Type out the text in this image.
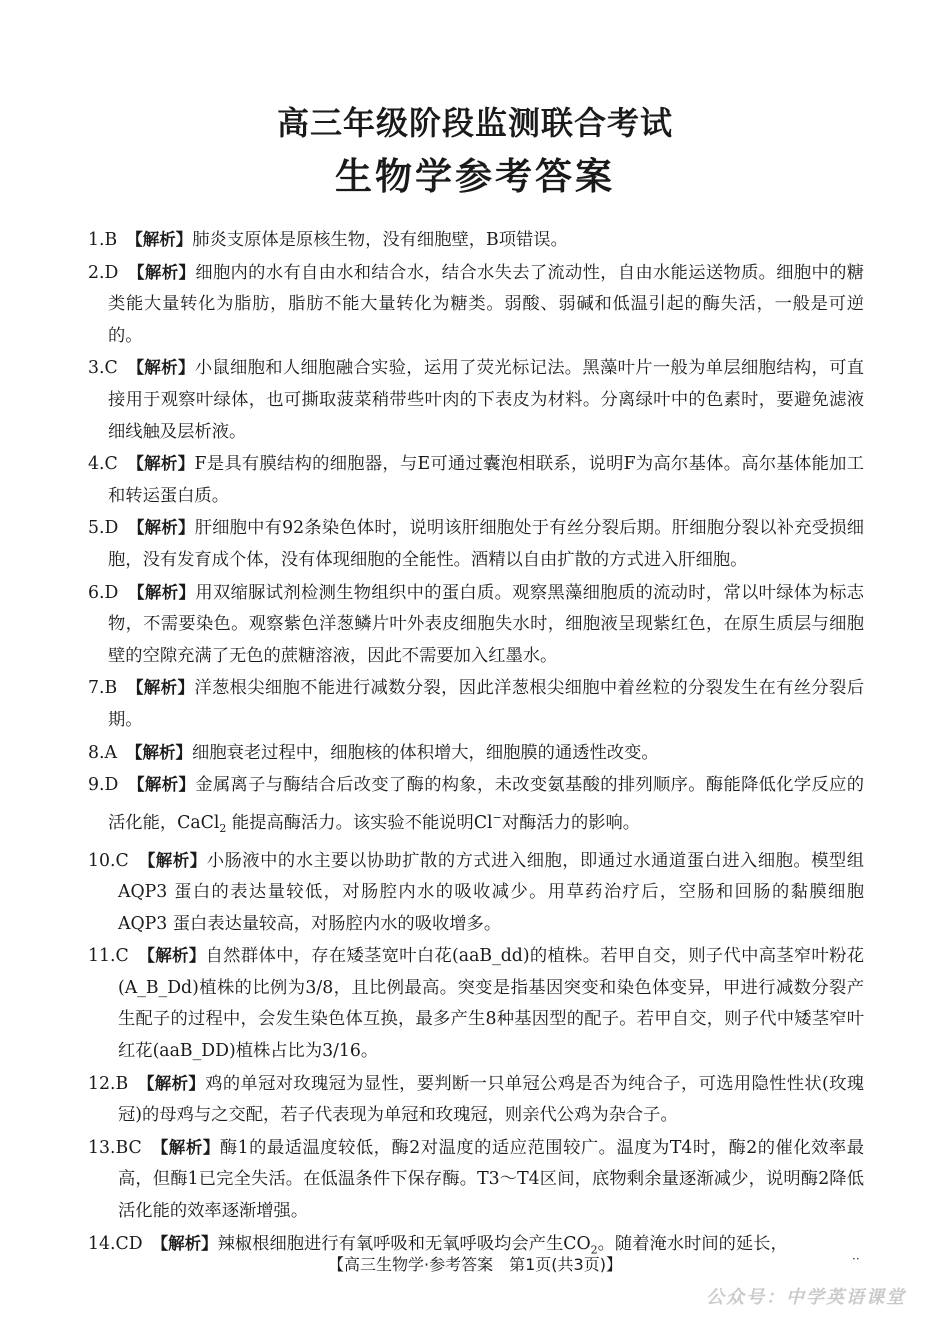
高三年级阶段监测联合考试
生物学参考答案

1.B　 【解析】肺炎支原体是原核生物，没有细胞壁，B项错误。

2.D　 【解析】细胞内的水有自由水和结合水，结合水失去了流动性，自由水能运送物质。细胞中的糖类能大量转化为脂肪，脂肪不能大量转化为糖类。弱酸、弱碱和低温引起的酶失活，一般是可逆的。

3.C　 【解析】小鼠细胞和人细胞融合实验，运用了荧光标记法。黑藻叶片一般为单层细胞结构，可直接用于观察叶绿体，也可撕取菠菜稍带些叶肉的下表皮为材料。分离绿叶中的色素时，要避免滤液细线触及层析液。

4.C　 【解析】F是具有膜结构的细胞器，与E可通过囊泡相联系，说明F为高尔基体。高尔基体能加工和转运蛋白质。

5.D　 【解析】肝细胞中有92条染色体时，说明该肝细胞处于有丝分裂后期。肝细胞分裂以补充受损细胞，没有发育成个体，没有体现细胞的全能性。酒精以自由扩散的方式进入肝细胞。

6.D　 【解析】用双缩脲试剂检测生物组织中的蛋白质。观察黑藻细胞质的流动时，常以叶绿体为标志物，不需要染色。观察紫色洋葱鳞片叶外表皮细胞失水时，细胞液呈现紫红色，在原生质层与细胞壁的空隙充满了无色的蔗糖溶液，因此不需要加入红墨水。

7.B　 【解析】洋葱根尖细胞不能进行减数分裂，因此洋葱根尖细胞中着丝粒的分裂发生在有丝分裂后期。

8.A　 【解析】细胞衰老过程中，细胞核的体积增大，细胞膜的通透性改变。

9.D　 【解析】金属离子与酶结合后改变了酶的构象，未改变氨基酸的排列顺序。酶能降低化学反应的活化能，CaCl$_2$ 能提高酶活力。该实验不能说明Cl−对酶活力的影响。

10.C　 【解析】小肠液中的水主要以协助扩散的方式进入细胞，即通过水通道蛋白进入细胞。模型组 AQP3 蛋白的表达量较低，对肠腔内水的吸收减少。用草药治疗后，空肠和回肠的黏膜细胞 AQP3 蛋白表达量较高，对肠腔内水的吸收增多。

11.C　 【解析】自然群体中，存在矮茎宽叶白花(aaB_dd)的植株。若甲自交，则子代中高茎窄叶粉花(A_B_Dd)植株的比例为3/8，且比例最高。突变是指基因突变和染色体变异，甲进行减数分裂产生配子的过程中，会发生染色体互换，最多产生8种基因型的配子。若甲自交，则子代中矮茎窄叶红花(aaB_DD)植株占比为3/16。

12.B　 【解析】鸡的单冠对玫瑰冠为显性，要判断一只单冠公鸡是否为纯合子，可选用隐性性状(玫瑰冠)的母鸡与之交配，若子代表现为单冠和玫瑰冠，则亲代公鸡为杂合子。

13.BC　 【解析】酶1的最适温度较低，酶2对温度的适应范围较广。温度为T4时，酶2的催化效率最高，但酶1已完全失活。在低温条件下保存酶。T3～T4区间，底物剩余量逐渐减少，说明酶2降低活化能的效率逐渐增强。

14.CD　 【解析】辣椒根细胞进行有氧呼吸和无氧呼吸均会产生$CO_2$。随着淹水时间的延长，

【高三生物学·参考答案　第1页(共3页)】	··
公众号：中学英语课堂
